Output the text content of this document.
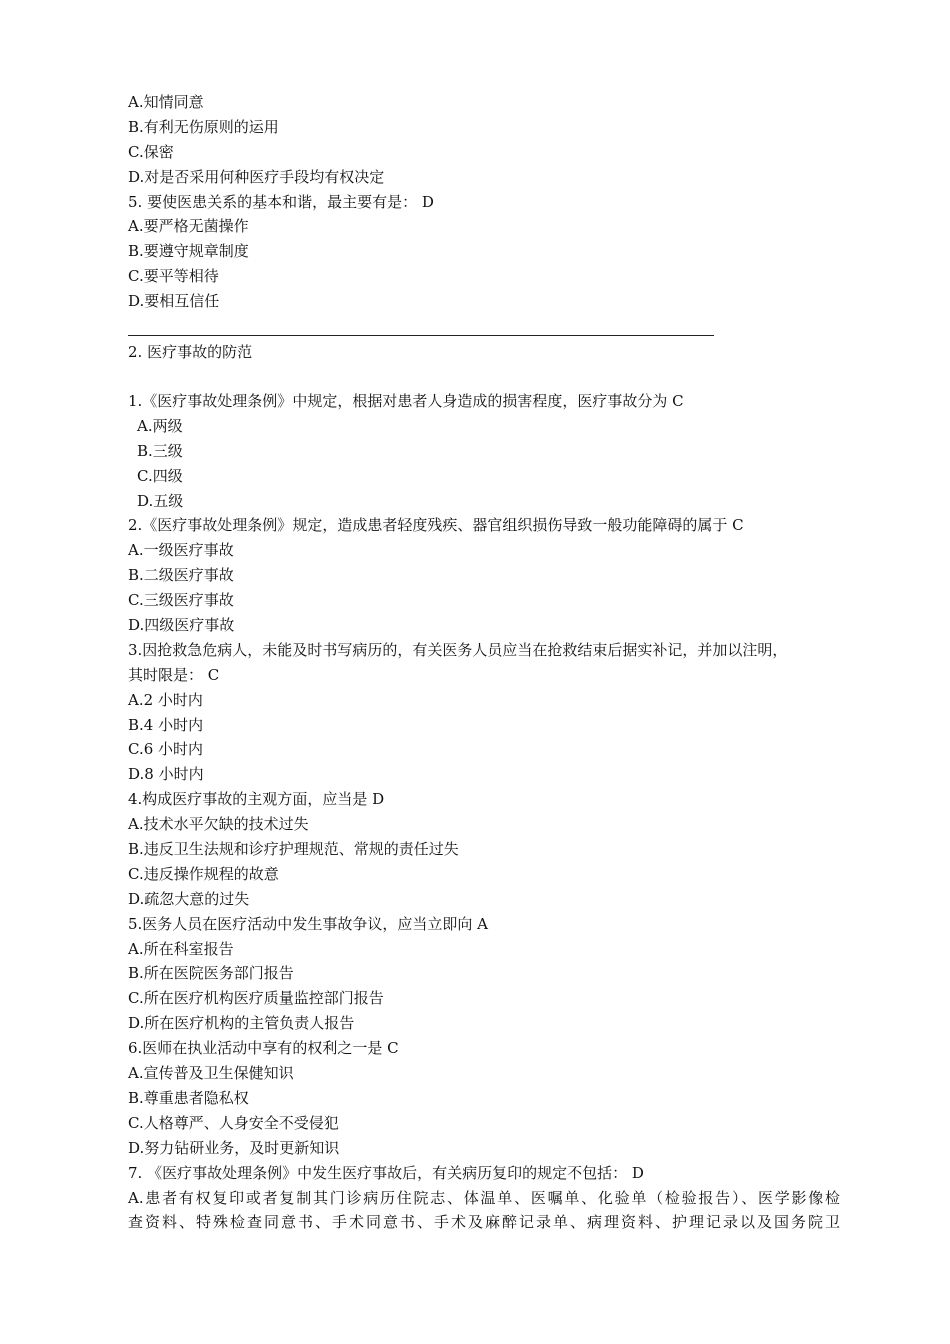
A.知情同意
B.有利无伤原则的运用
C.保密
D.对是否采用何种医疗手段均有权决定
5. 要使医患关系的基本和谐，最主要有是： D
A.要严格无菌操作
B.要遵守规章制度
C.要平等相待
D.要相互信任
2. 医疗事故的防范
1.《医疗事故处理条例》中规定，根据对患者人身造成的损害程度，医疗事故分为 C
A.两级
B.三级
C.四级
D.五级
2.《医疗事故处理条例》规定，造成患者轻度残疾、器官组织损伤导致一般功能障碍的属于 C
A.一级医疗事故
B.二级医疗事故
C.三级医疗事故
D.四级医疗事故
3.因抢救急危病人，未能及时书写病历的，有关医务人员应当在抢救结束后据实补记，并加以注明，
其时限是： C
A.2 小时内
B.4 小时内
C.6 小时内
D.8 小时内
4.构成医疗事故的主观方面，应当是 D
A.技术水平欠缺的技术过失
B.违反卫生法规和诊疗护理规范、常规的责任过失
C.违反操作规程的故意
D.疏忽大意的过失
5.医务人员在医疗活动中发生事故争议，应当立即向 A
A.所在科室报告
B.所在医院医务部门报告
C.所在医疗机构医疗质量监控部门报告
D.所在医疗机构的主管负责人报告
6.医师在执业活动中享有的权利之一是 C
A.宣传普及卫生保健知识
B.尊重患者隐私权
C.人格尊严、人身安全不受侵犯
D.努力钻研业务，及时更新知识
7. 《医疗事故处理条例》中发生医疗事故后，有关病历复印的规定不包括： D
A.患者有权复印或者复制其门诊病历住院志、体温单、医嘱单、化验单（检验报告）、医学影像检
查资料、特殊检查同意书、手术同意书、手术及麻醉记录单、病理资料、护理记录以及国务院卫
